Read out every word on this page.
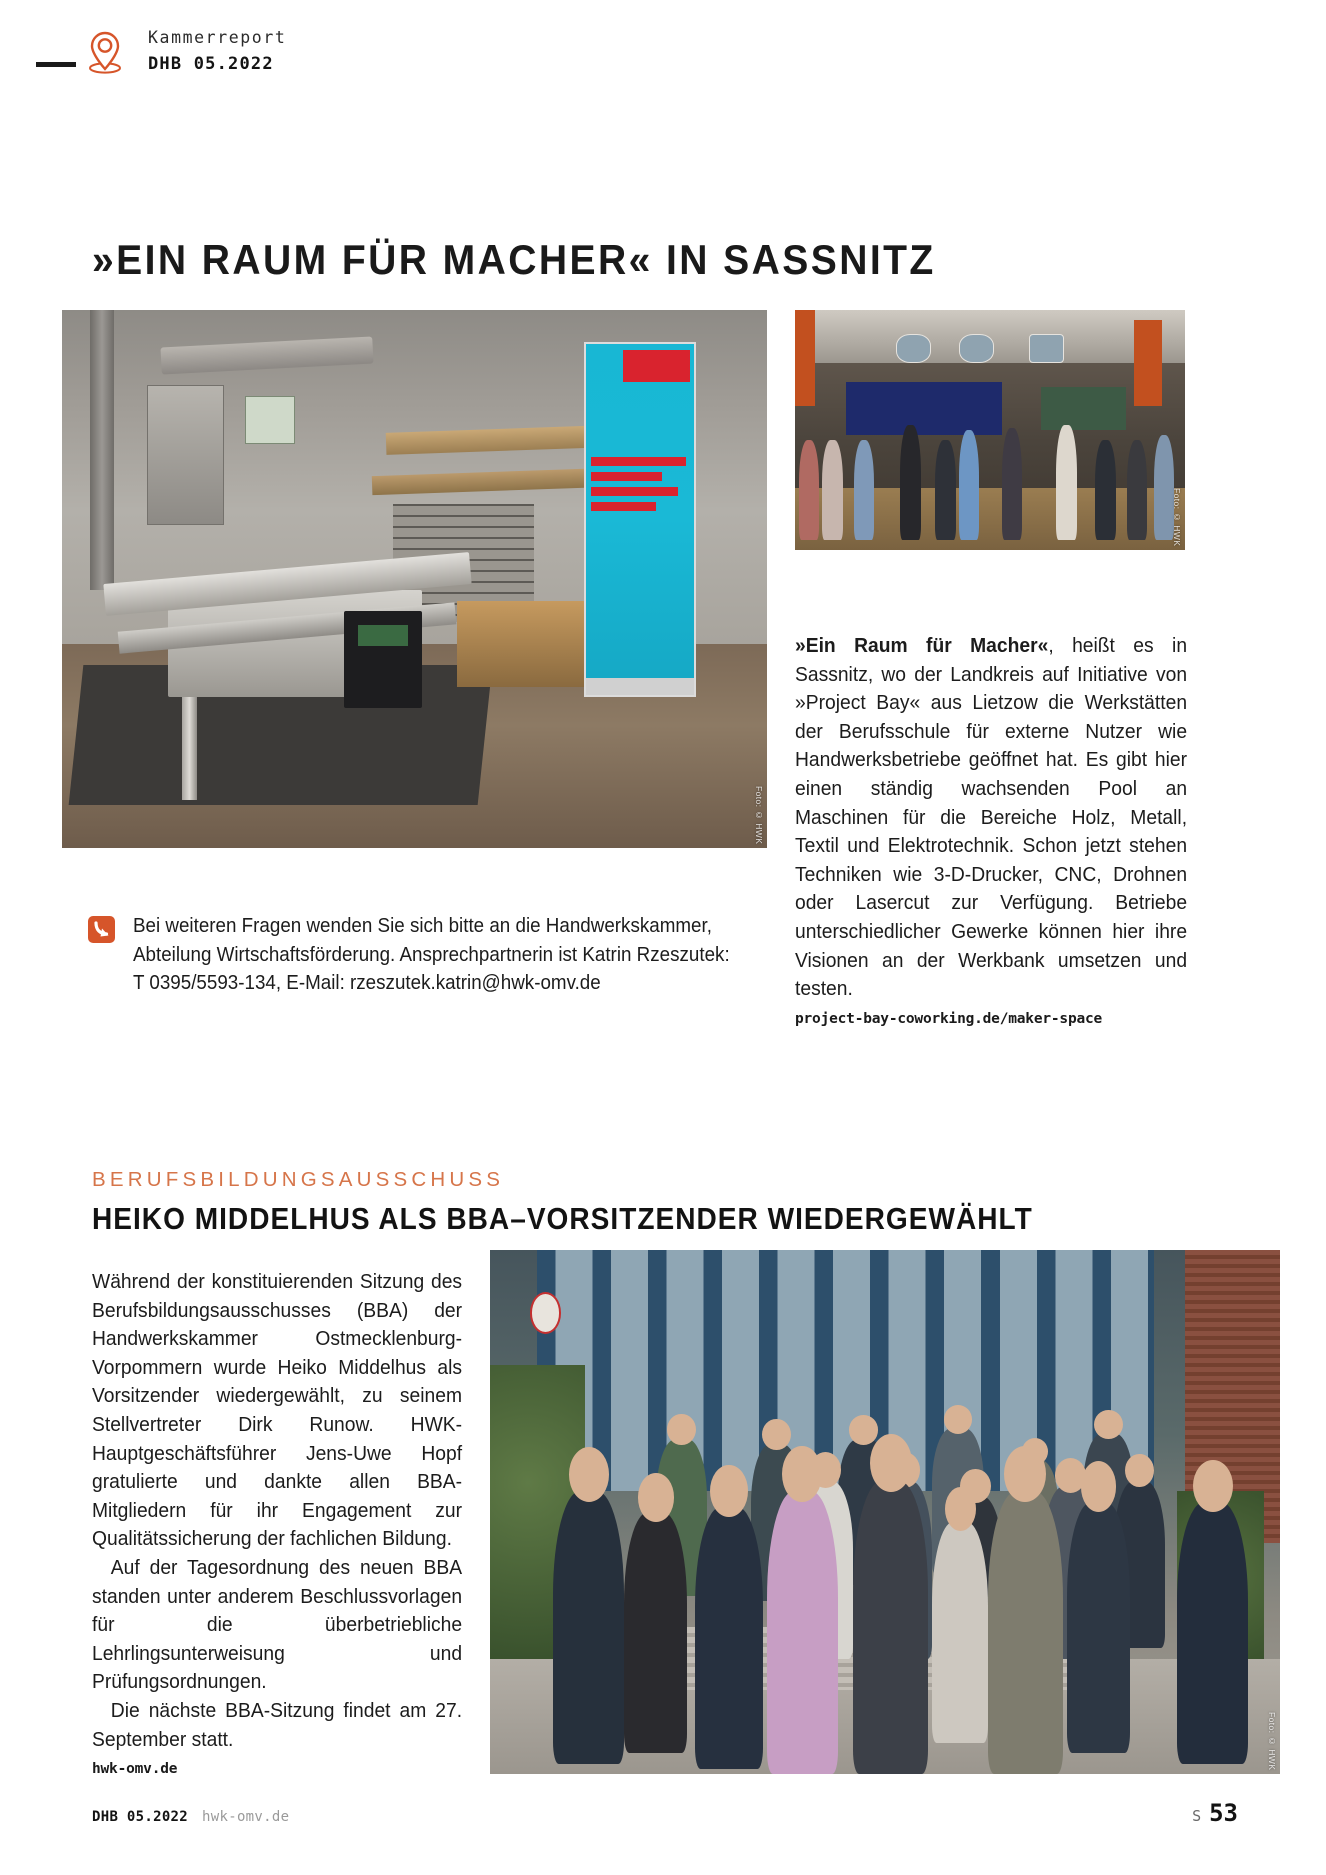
Kammerreport
DHB 05.2022
»EIN RAUM FÜR MACHER« IN SASSNITZ
Foto: © HWK
Foto: © HWK
»Ein Raum für Macher«, heißt es in Sassnitz, wo der Landkreis auf Initiative von »Project Bay« aus Lietzow die Werkstätten der Berufsschule für externe Nutzer wie Handwerksbetriebe geöffnet hat. Es gibt hier einen ständig wachsenden Pool an Maschinen für die Bereiche Holz, Metall, Textil und Elektrotechnik. Schon jetzt stehen Techniken wie 3-D-Drucker, CNC, Drohnen oder Lasercut zur Verfügung. Betriebe unterschiedlicher Gewerke können hier ihre Visionen an der Werkbank umsetzen und testen.
project-bay-coworking.de/maker-space
Bei weiteren Fragen wenden Sie sich bitte an die Handwerkskammer,
Abteilung Wirtschaftsförderung. Ansprechpartnerin ist Katrin Rzeszutek:
T 0395/5593-134, E-Mail: rzeszutek.katrin@hwk-omv.de
BERUFSBILDUNGSAUSSCHUSS
HEIKO MIDDELHUS ALS BBA–VORSITZENDER WIEDERGEWÄHLT

Während der konstituierenden Sitzung des Berufsbildungsausschusses (BBA) der Handwerkskammer Ostmecklenburg-Vorpommern wurde Heiko Middelhus als Vorsitzender wiedergewählt, zu seinem Stellvertreter Dirk Runow. HWK-Hauptgeschäftsführer Jens-Uwe Hopf gratulierte und dankte allen BBA-Mitgliedern für ihr Engagement zur Qualitätssicherung der fachlichen Bildung.

Auf der Tagesordnung des neuen BBA standen unter anderem Beschlussvorlagen für die überbetriebliche Lehrlingsunterweisung und Prüfungsordnungen.

Die nächste BBA-Sitzung findet am 27. September statt.

hwk-omv.de	Foto: © HWK
DHB 05.2022 hwk-omv.de	S 53
